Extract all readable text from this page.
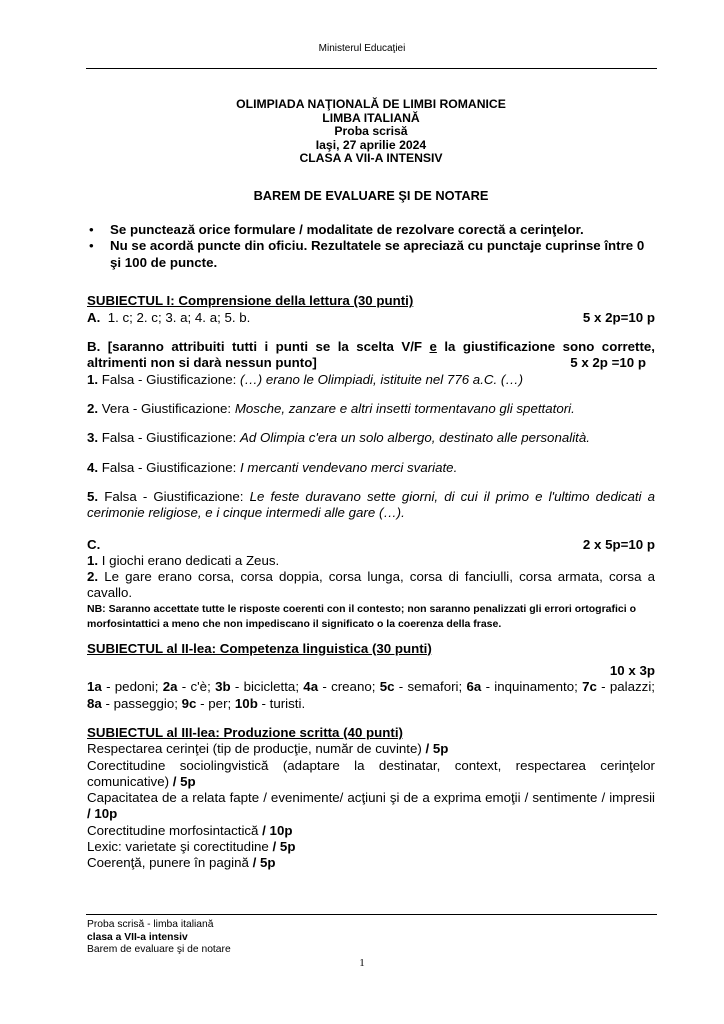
Ministerul Educaţiei
OLIMPIADA NAŢIONALĂ DE LIMBI ROMANICE
LIMBA ITALIANĂ
Proba scrisă
Iaşi, 27 aprilie 2024
CLASA A VII-A INTENSIV
BAREM DE EVALUARE ŞI DE NOTARE
• Se punctează orice formulare / modalitate de rezolvare corectă a cerinţelor.
• Nu se acordă puncte din oficiu. Rezultatele se apreciază cu punctaje cuprinse între 0 şi 100 de puncte.
SUBIECTUL I: Comprensione della lettura (30 punti)
A. 1. c; 2. c; 3. a; 4. a; 5. b.	5 x 2p=10 p

B. [saranno attribuiti tutti i punti se la scelta V/F e la giustificazione sono corrette, altrimenti non si darà nessun punto]	5 x 2p =10 p

1. Falsa - Giustificazione: (…) erano le Olimpiadi, istituite nel 776 a.C. (…)

2. Vera - Giustificazione: Mosche, zanzare e altri insetti tormentavano gli spettatori.

3. Falsa - Giustificazione: Ad Olimpia c'era un solo albergo, destinato alle personalità.

4. Falsa - Giustificazione: I mercanti vendevano merci svariate.

5. Falsa - Giustificazione: Le feste duravano sette giorni, di cui il primo e l'ultimo dedicati a cerimonie religiose, e i cinque intermedi alle gare (…).

C.	2 x 5p=10 p

1. I giochi erano dedicati a Zeus.

2. Le gare erano corsa, corsa doppia, corsa lunga, corsa di fanciulli, corsa armata, corsa a cavallo.

NB: Saranno accettate tutte le risposte coerenti con il contesto; non saranno penalizzati gli errori ortografici o morfosintattici a meno che non impediscano il significato o la coerenza della frase.

SUBIECTUL al II-lea: Competenza linguistica (30 punti)
10 x 3p

1a - pedoni; 2a - c'è; 3b - bicicletta; 4a - creano; 5c - semafori; 6a - inquinamento; 7c - palazzi; 8a - passeggio; 9c - per; 10b - turisti.

SUBIECTUL al III-lea: Produzione scritta (40 punti)

Respectarea cerinţei (tip de producţie, număr de cuvinte) / 5p

Corectitudine sociolingvistică (adaptare la destinatar, context, respectarea cerinţelor comunicative) / 5p

Capacitatea de a relata fapte / evenimente/ acţiuni şi de a exprima emoţii / sentimente / impresii / 10p

Corectitudine morfosintactică / 10p

Lexic: varietate şi corectitudine / 5p

Coerenţă, punere în pagină / 5p

Proba scrisă - limba italiană
clasa a VII-a intensiv
Barem de evaluare şi de notare
1
